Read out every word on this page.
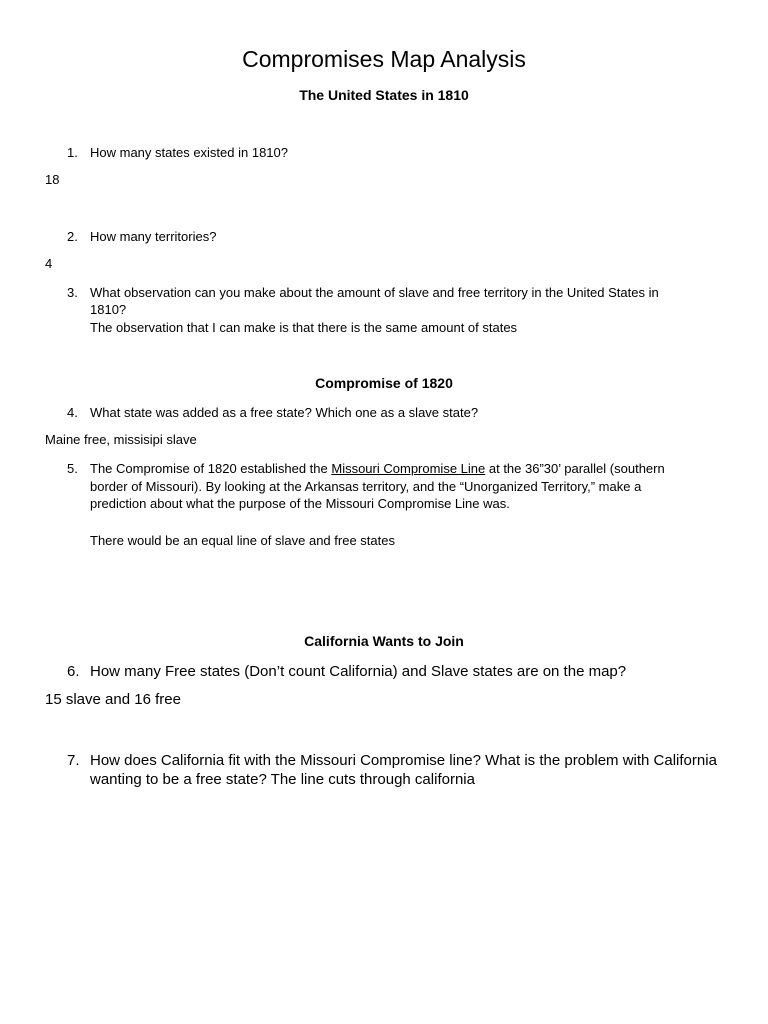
Compromises Map Analysis
The United States in 1810
1. How many states existed in 1810?
18
2. How many territories?
4
3. What observation can you make about the amount of slave and free territory in the United States in
1810?
The observation that I can make is that there is the same amount of states
Compromise of 1820
4. What state was added as a free state? Which one as a slave state?
Maine free, missisipi slave
5. The Compromise of 1820 established the Missouri Compromise Line at the 36”30’ parallel (southern
border of Missouri). By looking at the Arkansas territory, and the “Unorganized Territory,” make a
prediction about what the purpose of the Missouri Compromise Line was.
There would be an equal line of slave and free states
California Wants to Join
6. How many Free states (Don’t count California) and Slave states are on the map?
15 slave and 16 free
7. How does California fit with the Missouri Compromise line? What is the problem with California
wanting to be a free state? The line cuts through california
